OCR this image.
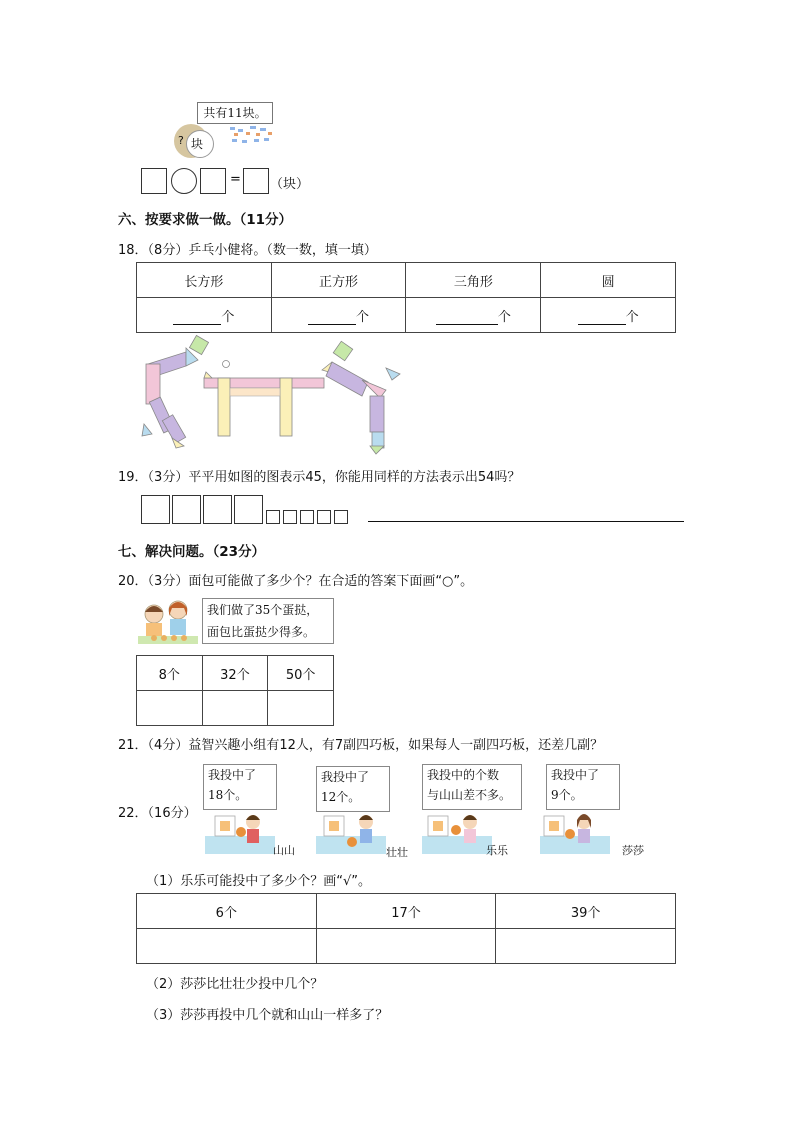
共有11块。
? 块
= （块）
六、按要求做一做。（11分）
18．（8分）乒乓小健将。（数一数，填一填）
长方形	正方形	三角形	圆
个	个	个	个
19．（3分）平平用如图的图表示45，你能用同样的方法表示出54吗？
七、解决问题。（23分）
20．（3分）面包可能做了多少个？在合适的答案下面画“○”。
我们做了35个蛋挞，
面包比蛋挞少得多。
8个	32个	50个

21．（4分）益智兴趣小组有12人，有7副四巧板，如果每人一副四巧板，还差几副？
22．（16分）
我投中了
18个。
山山
我投中了
12个。
壮壮
我投中的个数
与山山差不多。
乐乐
我投中了
9个。
莎莎
（1）乐乐可能投中了多少个？画“√”。
6个	17个	39个

（2）莎莎比壮壮少投中几个？
（3）莎莎再投中几个就和山山一样多了？
